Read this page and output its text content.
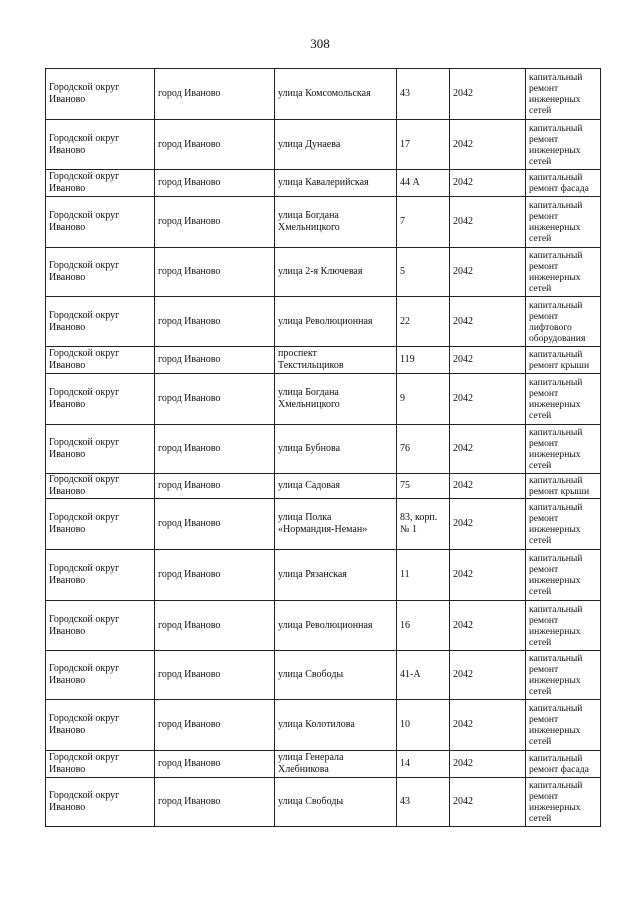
308
Городской округ
Иваново	город Иваново	улица Комсомольская	43	2042	капитальный
ремонт
инженерных
сетей

Городской округ
Иваново	город Иваново	улица Дунаева	17	2042	капитальный
ремонт
инженерных
сетей

Городской округ
Иваново	город Иваново	улица Кавалерийская	44 А	2042	капитальный
ремонт фасада

Городской округ
Иваново	город Иваново	улица Богдана
Хмельницкого	7	2042	капитальный
ремонт
инженерных
сетей

Городской округ
Иваново	город Иваново	улица 2-я Ключевая	5	2042	капитальный
ремонт
инженерных
сетей

Городской округ
Иваново	город Иваново	улица Революционная	22	2042	капитальный
ремонт
лифтового
оборудования

Городской округ
Иваново	город Иваново	проспект
Текстильщиков	119	2042	капитальный
ремонт крыши

Городской округ
Иваново	город Иваново	улица Богдана
Хмельницкого	9	2042	капитальный
ремонт
инженерных
сетей

Городской округ
Иваново	город Иваново	улица Бубнова	76	2042	капитальный
ремонт
инженерных
сетей

Городской округ
Иваново	город Иваново	улица Садовая	75	2042	капитальный
ремонт крыши

Городской округ
Иваново	город Иваново	улица Полка
«Нормандия-Неман»	83, корп.
№ 1	2042	капитальный
ремонт
инженерных
сетей

Городской округ
Иваново	город Иваново	улица Рязанская	11	2042	капитальный
ремонт
инженерных
сетей

Городской округ
Иваново	город Иваново	улица Революционная	16	2042	капитальный
ремонт
инженерных
сетей

Городской округ
Иваново	город Иваново	улица Свободы	41-А	2042	капитальный
ремонт
инженерных
сетей

Городской округ
Иваново	город Иваново	улица Колотилова	10	2042	капитальный
ремонт
инженерных
сетей

Городской округ
Иваново	город Иваново	улица Генерала
Хлебникова	14	2042	капитальный
ремонт фасада

Городской округ
Иваново	город Иваново	улица Свободы	43	2042	капитальный
ремонт
инженерных
сетей
